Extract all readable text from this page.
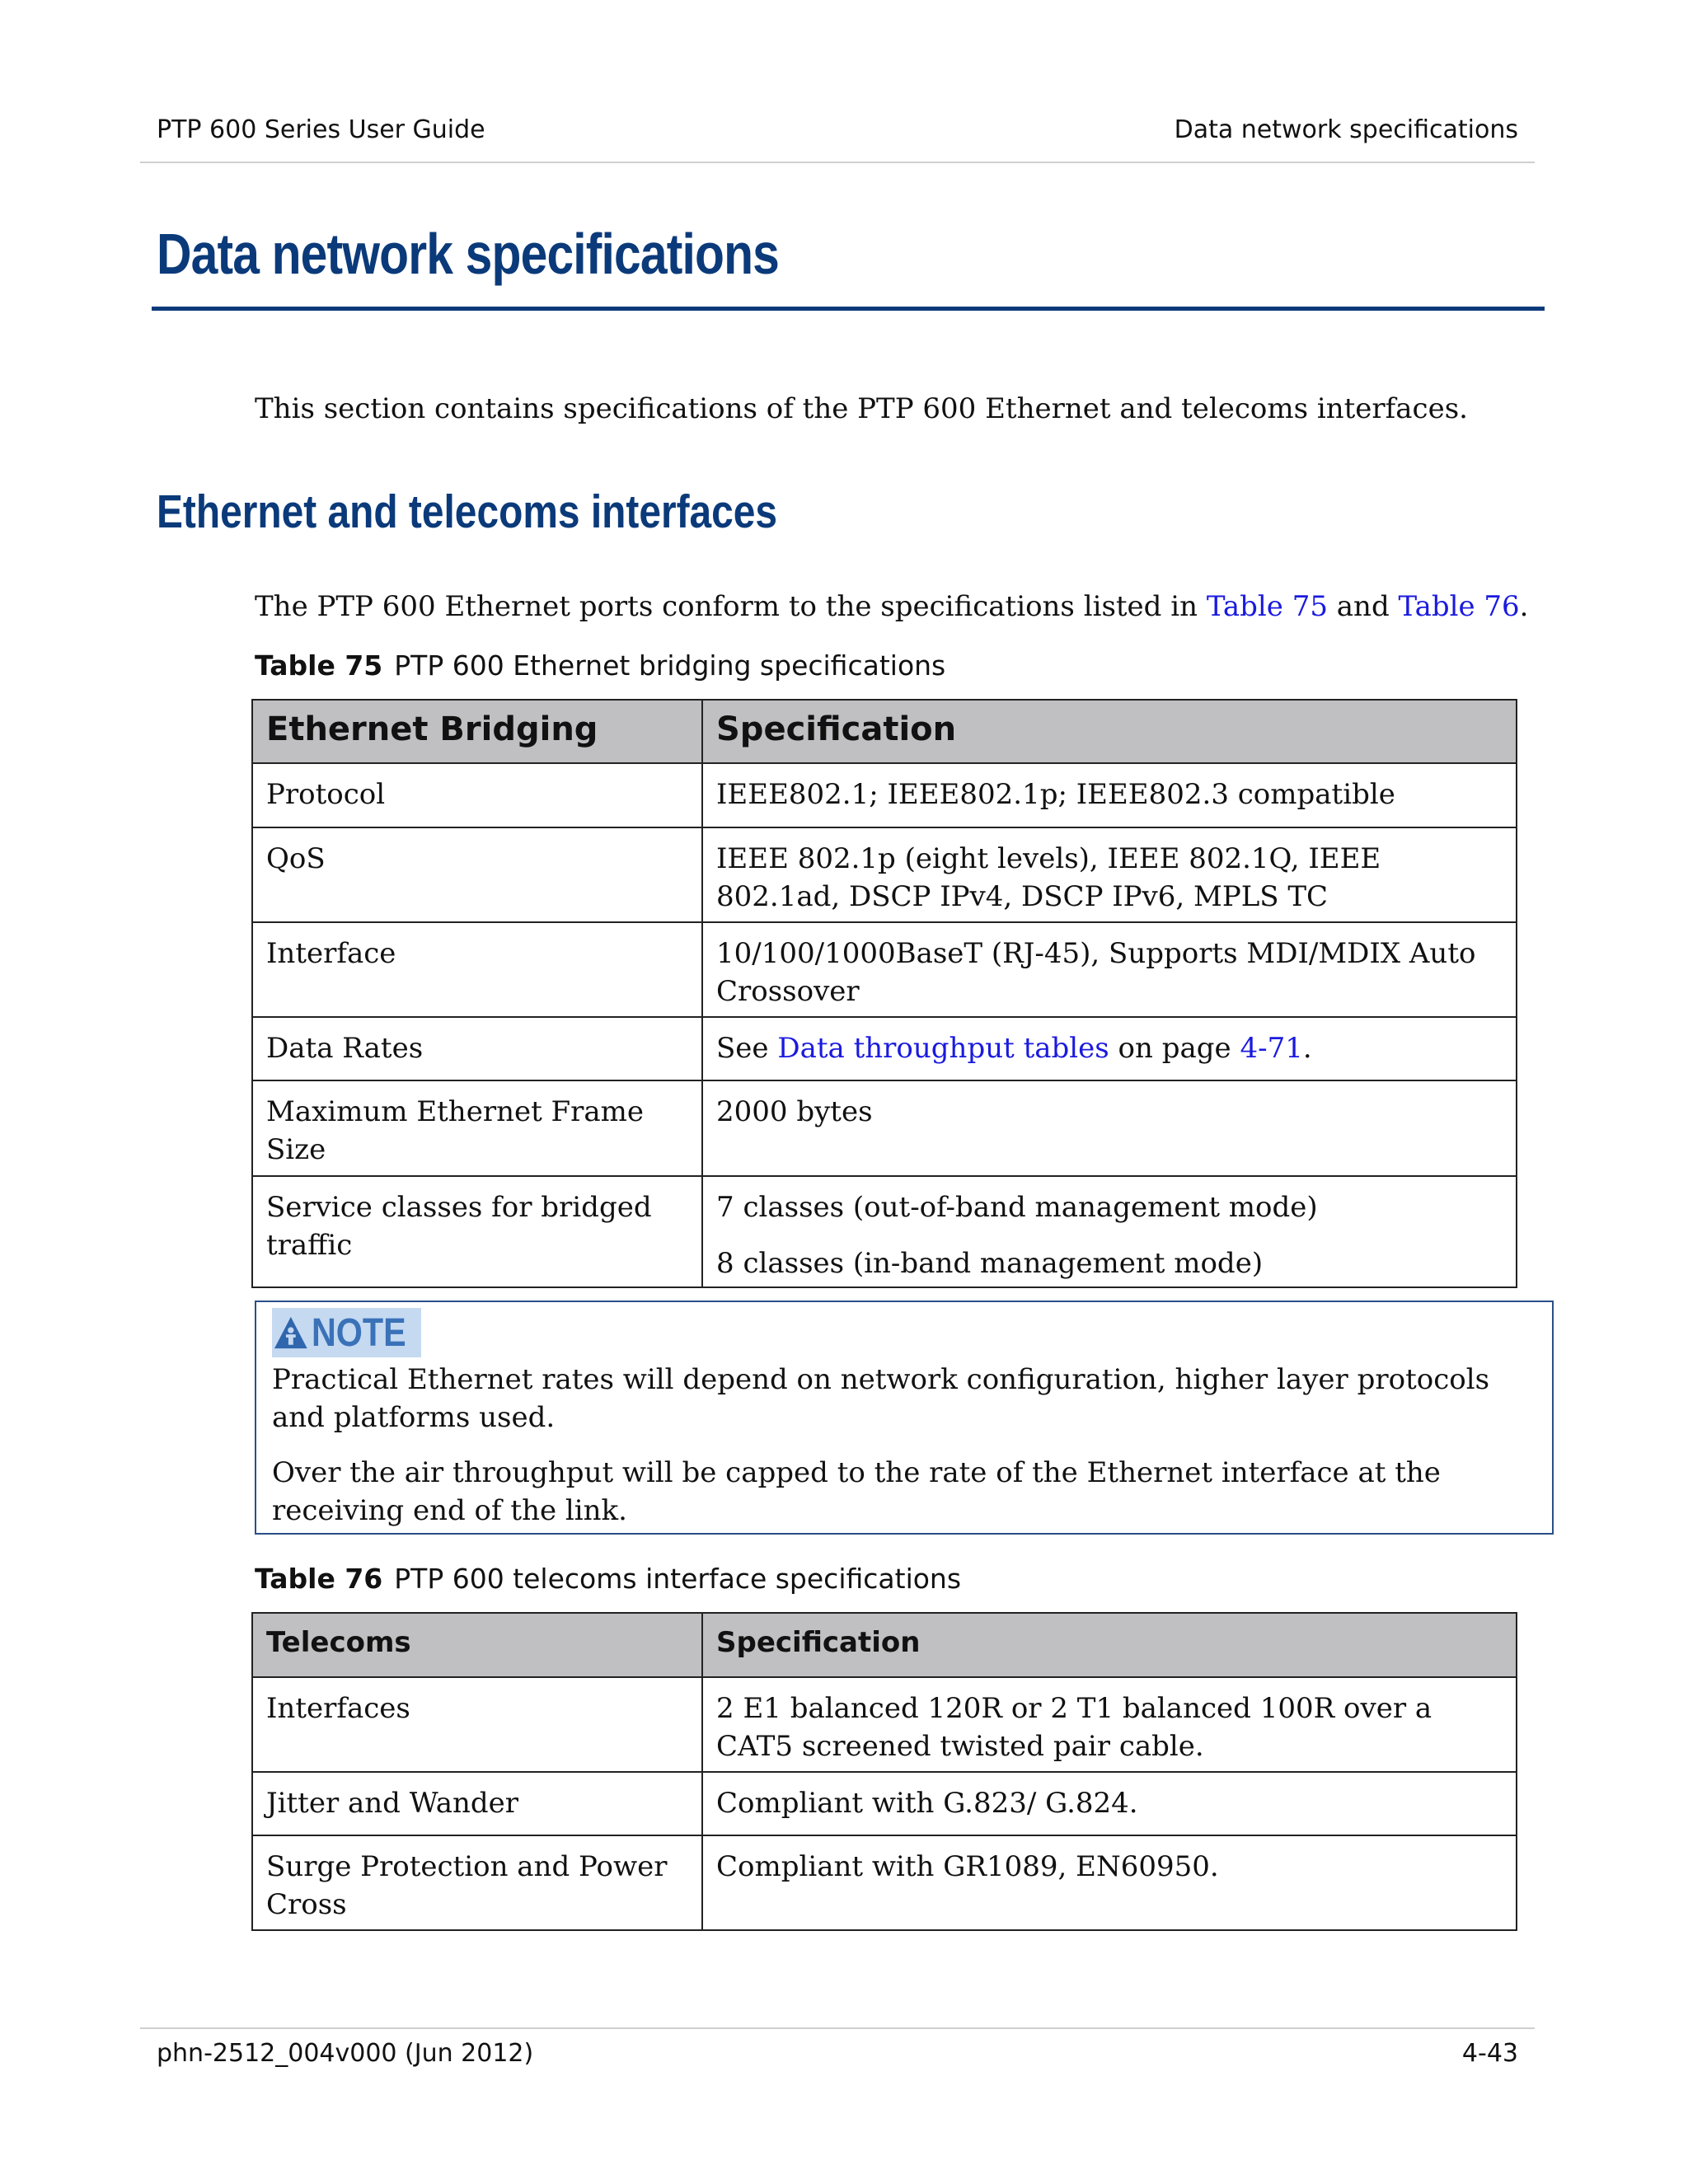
PTP 600 Series User Guide	Data network specifications
Data network specifications
This section contains specifications of the PTP 600 Ethernet and telecoms interfaces.
Ethernet and telecoms interfaces
The PTP 600 Ethernet ports conform to the specifications listed in Table 75 and Table 76.
Table 75 PTP 600 Ethernet bridging specifications
Ethernet Bridging	Specification
Protocol	IEEE802.1; IEEE802.1p; IEEE802.3 compatible
QoS	IEEE 802.1p (eight levels), IEEE 802.1Q, IEEE 802.1ad, DSCP IPv4, DSCP IPv6, MPLS TC
Interface	10/100/1000BaseT (RJ-45), Supports MDI/MDIX Auto Crossover
Data Rates	See Data throughput tables on page 4-71.
Maximum Ethernet Frame Size	2000 bytes
Service classes for bridged traffic	7 classes (out-of-band management mode)

8 classes (in-band management mode)

NOTE

Practical Ethernet rates will depend on network configuration, higher layer protocols and platforms used.

Over the air throughput will be capped to the rate of the Ethernet interface at the receiving end of the link.

Table 76 PTP 600 telecoms interface specifications
Telecoms	Specification
Interfaces	2 E1 balanced 120R or 2 T1 balanced 100R over a CAT5 screened twisted pair cable.
Jitter and Wander	Compliant with G.823/ G.824.
Surge Protection and Power Cross	Compliant with GR1089, EN60950.
phn-2512_004v000 (Jun 2012)	4-43
